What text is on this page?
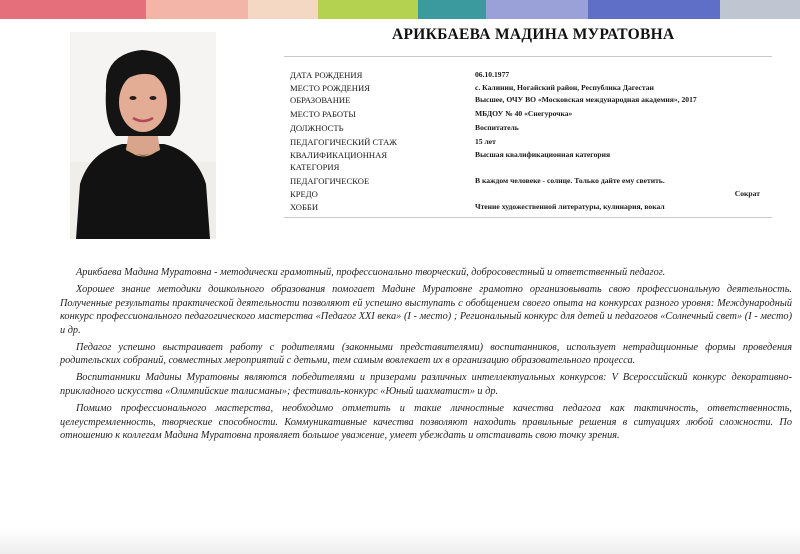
АРИКБАЕВА МАДИНА МУРАТОВНА
ДАТА РОЖДЕНИЯ	06.10.1977
МЕСТО РОЖДЕНИЯ	с. Калинин, Ногайский район, Республика Дагестан
ОБРАЗОВАНИЕ	Высшее, ОЧУ ВО «Московская международная академия», 2017
МЕСТО РАБОТЫ	МБДОУ № 40 «Снегурочка»
ДОЛЖНОСТЬ	Воспитатель
ПЕДАГОГИЧЕСКИЙ СТАЖ	15 лет
КВАЛИФИКАЦИОННАЯ	Высшая квалификационная категория
КАТЕГОРИЯ
ПЕДАГОГИЧЕСКОЕ	В каждом человеке - солнце. Только дайте ему светить.
КРЕДО	Сократ
ХОББИ	Чтение художественной литературы, кулинария, вокал

Арикбаева Мадина Муратовна - методически грамотный, профессионально творческий, добросовестный и ответственный педагог.

Хорошее знание методики дошкольного образования помогает Мадине Муратовне грамотно организовывать свою профессиональную деятельность. Полученные результаты практической деятельности позволяют ей успешно выступать с обобщением своего опыта на конкурсах разного уровня: Международный конкурс профессионального педагогического мастерства «Педагог XXI века» (I - место) ; Региональный конкурс для детей и педагогов «Солнечный свет» (I - место) и др.

Педагог успешно выстраивает работу с родителями (законными представителями) воспитанников, использует нетрадиционные формы проведения родительских собраний, совместных мероприятий с детьми, тем самым вовлекает их в организацию образовательного процесса.

Воспитанники Мадины Муратовны являются победителями и призерами различных интеллектуальных конкурсов: V Всероссийский конкурс декоративно-прикладного искусства «Олимпийские талисманы»; фестиваль-конкурс «Юный шахматист» и др.

Помимо профессионального мастерства, необходимо отметить и такие личностные качества педагога как тактичность, ответственность, целеустремленность, творческие способности. Коммуникативные качества позволяют находить правильные решения в ситуациях любой сложности. По отношению к коллегам Мадина Муратовна проявляет большое уважение, умеет убеждать и отстаивать свою точку зрения.
